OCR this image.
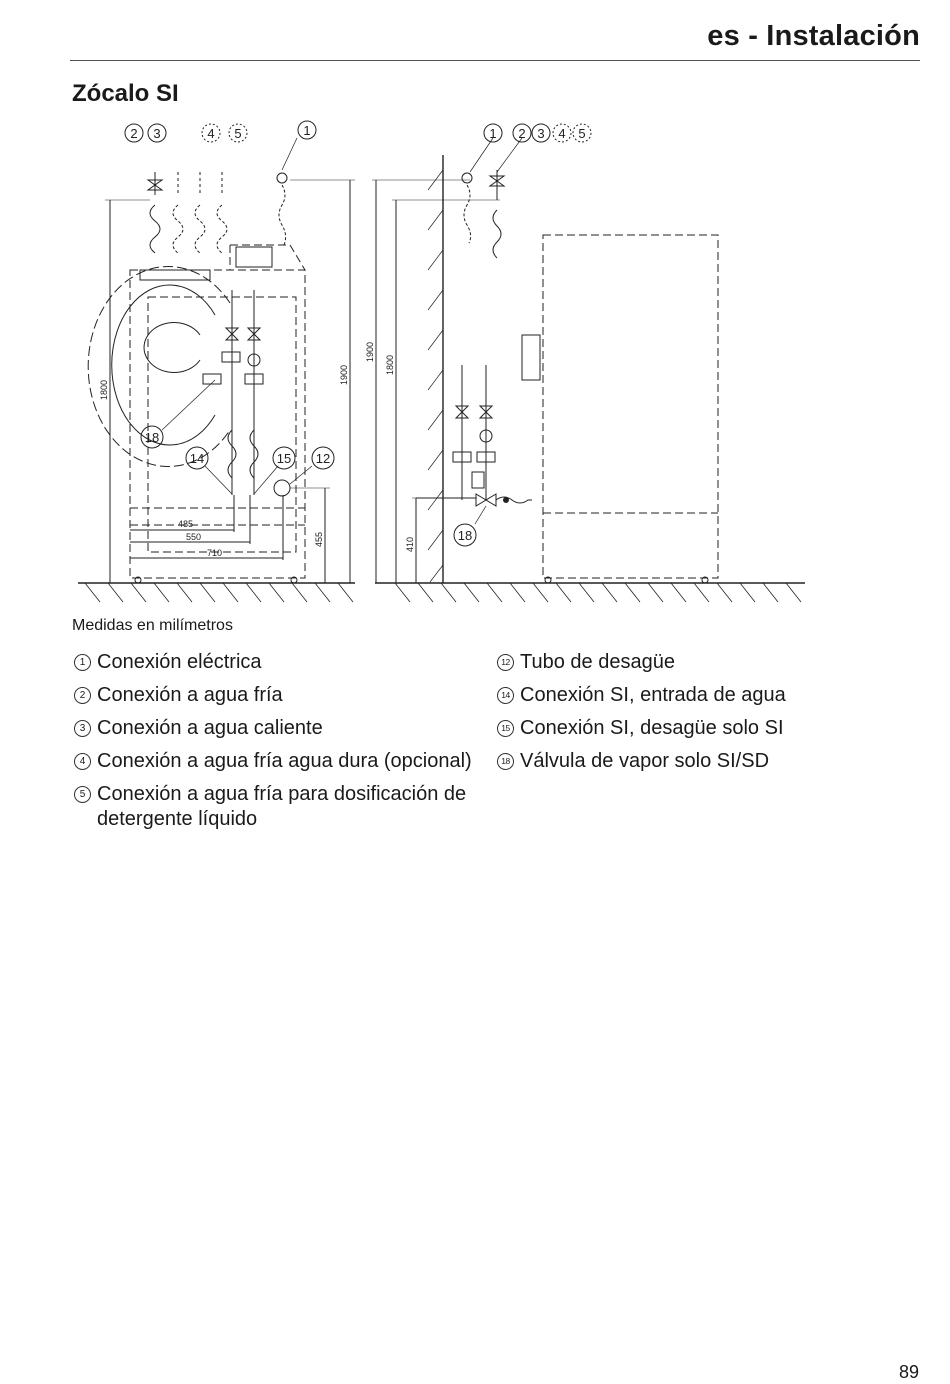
es - Instalación
Zócalo SI
2 3	4 5	1	1 2 3 4 5
18
14	15 12
18
1800
1900
455
485
550
710
1900
1800
410
Medidas en milímetros
1 Conexión eléctrica
2 Conexión a agua fría
3 Conexión a agua caliente
4 Conexión a agua fría agua dura (opcional)
5 Conexión a agua fría para dosificación de detergente líquido
12 Tubo de desagüe
14 Conexión SI, entrada de agua
15 Conexión SI, desagüe solo SI
18 Válvula de vapor solo SI/SD
89
